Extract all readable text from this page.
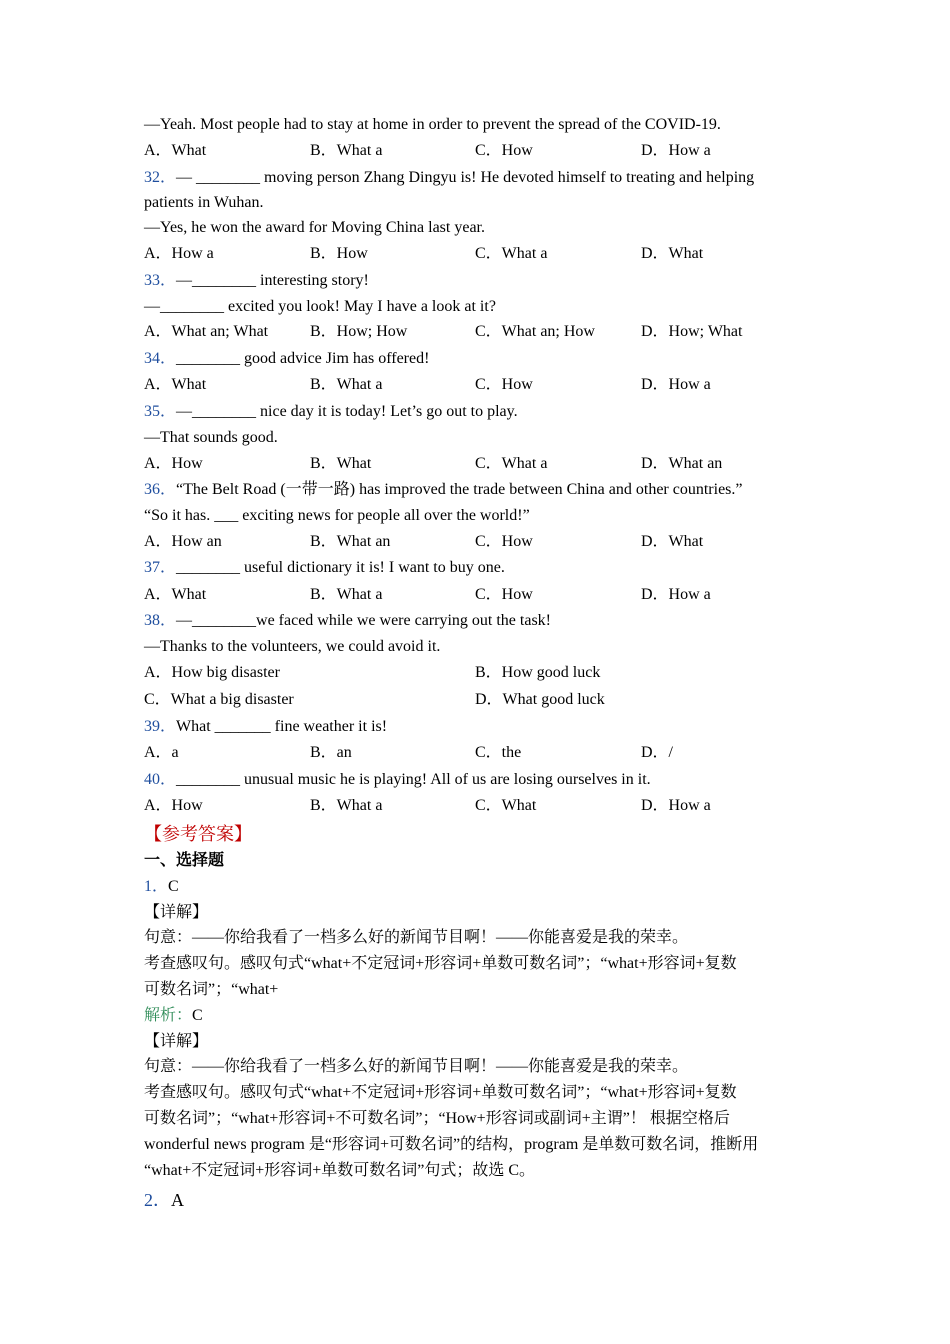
—Yeah. Most people had to stay at home in order to prevent the spread of the COVID-19.
A．What	B．What a	C．How	D．How a
32．— ________ moving person Zhang Dingyu is! He devoted himself to treating and helping
patients in Wuhan.
—Yes, he won the award for Moving China last year.
A．How a	B．How	C．What a	D．What
33．—________ interesting story!
—________ excited you look! May I have a look at it?
A．What an; What	B．How; How	C．What an; How	D．How; What
34．________ good advice Jim has offered!
A．What	B．What a	C．How	D．How a
35．—________ nice day it is today! Let’s go out to play.
—That sounds good.
A．How	B．What	C．What a	D．What an
36．“The Belt Road (一带一路) has improved the trade between China and other countries.”
“So it has. ___ exciting news for people all over the world!”
A．How an	B．What an	C．How	D．What
37．________ useful dictionary it is! I want to buy one.
A．What	B．What a	C．How	D．How a
38．—________we faced while we were carrying out the task!
—Thanks to the volunteers, we could avoid it.
A．How big disaster	B．How good luck
C．What a big disaster	D．What good luck
39．What _______ fine weather it is!
A．a	B．an	C．the	D．/
40．________ unusual music he is playing! All of us are losing ourselves in it.
A．How	B．What a	C．What	D．How a
【参考答案】
一、选择题
1．C
【详解】
句意：——你给我看了一档多么好的新闻节目啊！——你能喜爱是我的荣幸。
考查感叹句。感叹句式“what+不定冠词+形容词+单数可数名词”；“what+形容词+复数
可数名词”；“what+
解析：C
【详解】
句意：——你给我看了一档多么好的新闻节目啊！——你能喜爱是我的荣幸。
考查感叹句。感叹句式“what+不定冠词+形容词+单数可数名词”；“what+形容词+复数
可数名词”；“what+形容词+不可数名词”；“How+形容词或副词+主谓”！ 根据空格后
wonderful news program 是“形容词+可数名词”的结构，program 是单数可数名词，推断用
“what+不定冠词+形容词+单数可数名词”句式；故选 C。
2．A
